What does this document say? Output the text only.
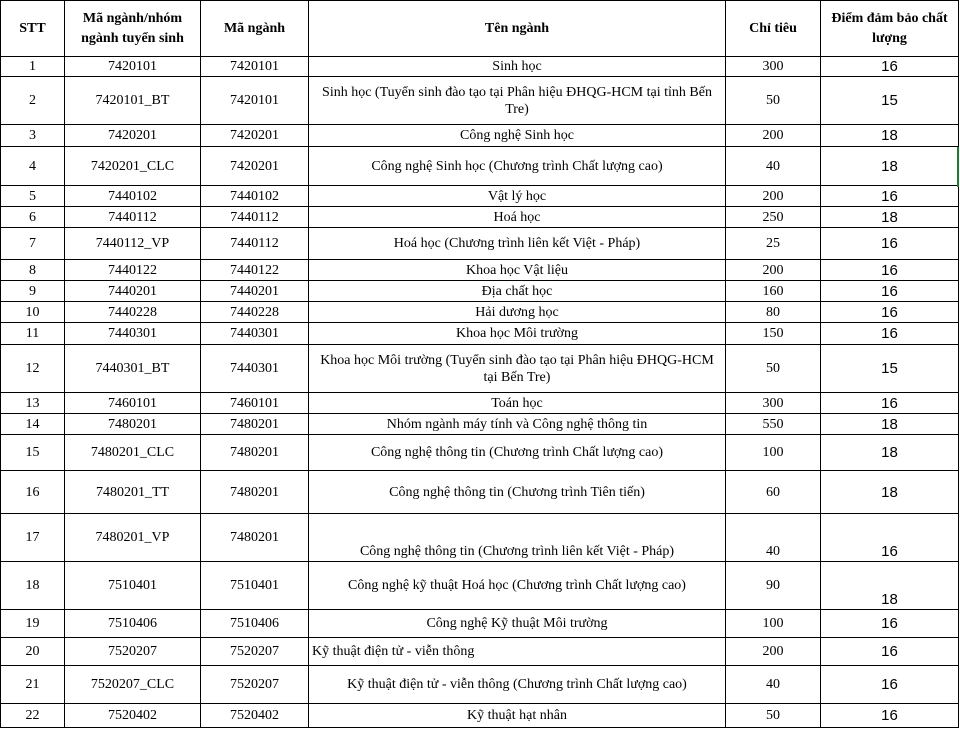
STT	Mã ngành/nhóm ngành tuyển sinh	Mã ngành	Tên ngành	Chỉ tiêu	Điểm đảm bảo chất lượng
1	7420101	7420101	Sinh học	300	16
2	7420101_BT	7420101	Sinh học (Tuyển sinh đào tạo tại Phân hiệu ĐHQG-HCM tại tỉnh Bến Tre)	50	15
3	7420201	7420201	Công nghệ Sinh học	200	18
4	7420201_CLC	7420201	Công nghệ Sinh học (Chương trình Chất lượng cao)	40	18
5	7440102	7440102	Vật lý học	200	16
6	7440112	7440112	Hoá học	250	18
7	7440112_VP	7440112	Hoá học (Chương trình liên kết Việt - Pháp)	25	16
8	7440122	7440122	Khoa học Vật liệu	200	16
9	7440201	7440201	Địa chất học	160	16
10	7440228	7440228	Hải dương học	80	16
11	7440301	7440301	Khoa học Môi trường	150	16
12	7440301_BT	7440301	Khoa học Môi trường (Tuyển sinh đào tạo tại Phân hiệu ĐHQG-HCM tại Bến Tre)	50	15
13	7460101	7460101	Toán học	300	16
14	7480201	7480201	Nhóm ngành máy tính và Công nghệ thông tin	550	18
15	7480201_CLC	7480201	Công nghệ thông tin (Chương trình Chất lượng cao)	100	18
16	7480201_TT	7480201	Công nghệ thông tin (Chương trình Tiên tiến)	60	18
17	7480201_VP	7480201	Công nghệ thông tin (Chương trình liên kết Việt - Pháp)	40	16
18	7510401	7510401	Công nghệ kỹ thuật Hoá học (Chương trình Chất lượng cao)	90	18
19	7510406	7510406	Công nghệ Kỹ thuật Môi trường	100	16
20	7520207	7520207	Kỹ thuật điện tử - viễn thông	200	16
21	7520207_CLC	7520207	Kỹ thuật điện tử - viễn thông (Chương trình Chất lượng cao)	40	16
22	7520402	7520402	Kỹ thuật hạt nhân	50	16
